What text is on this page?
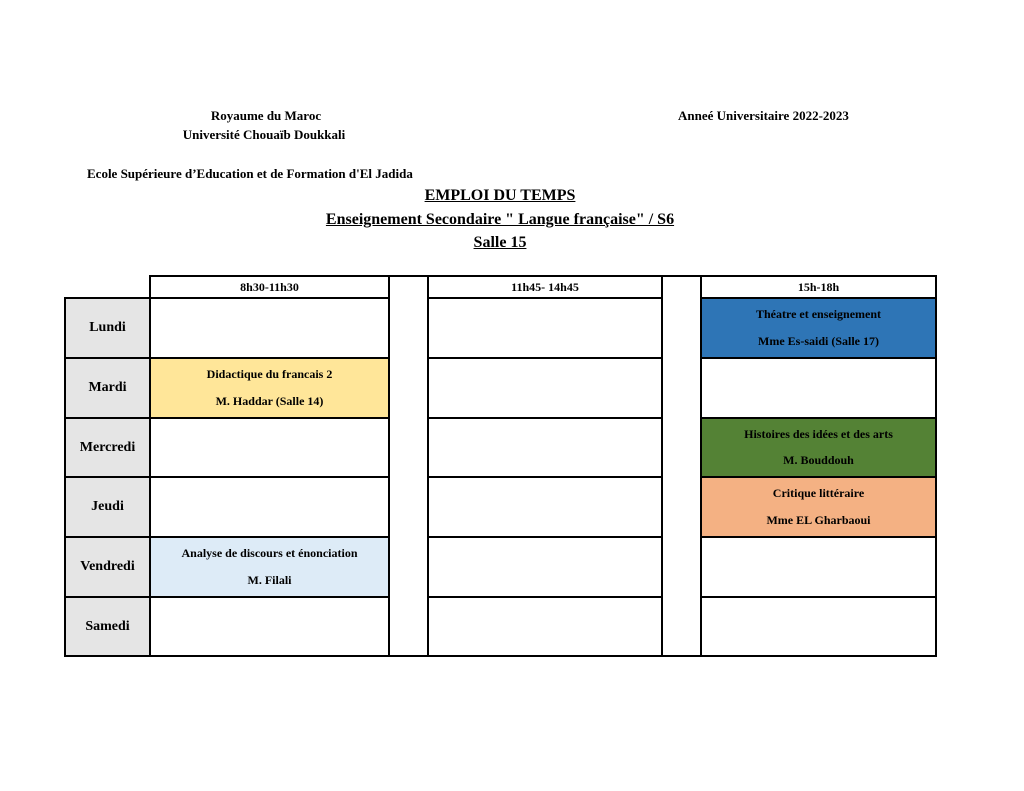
Royaume du Maroc
Université Chouaïb Doukkali
Anneé Universitaire 2022-2023
Ecole Supérieure d’Education et de Formation d'El Jadida
EMPLOI DU TEMPS
Enseignement Secondaire " Langue française" / S6
Salle 15
8h30-11h30	11h45- 14h45	15h-18h
Lundi
Mardi
Mercredi
Jeudi
Vendredi
Samedi
Didactique du francais 2
M. Haddar (Salle 14)
Analyse de discours et énonciation
M. Filali
Théatre et enseignement
Mme Es-saidi (Salle 17)
Histoires des idées et des arts
M. Bouddouh
Critique littéraire
Mme EL Gharbaoui
